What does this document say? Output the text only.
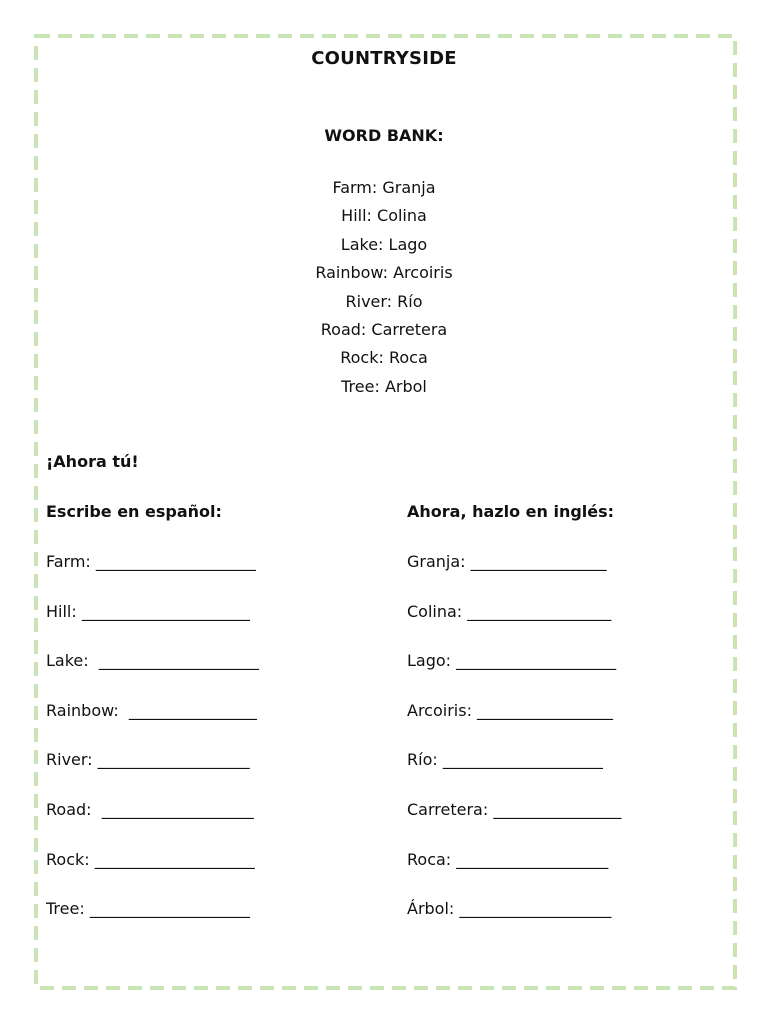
COUNTRYSIDE
WORD BANK:
Farm: Granja
Hill: Colina
Lake: Lago
Rainbow: Arcoiris
River: Río
Road: Carretera
Rock: Roca
Tree: Arbol
¡Ahora tú!
Escribe en español:	Ahora, hazlo en inglés:
Farm: ____________________
Hill: _____________________
Lake:  ____________________
Rainbow:  ________________
River: ___________________
Road:  ___________________
Rock: ____________________
Tree: ____________________
Granja: _________________
Colina: __________________
Lago: ____________________
Arcoiris: _________________
Río: ____________________
Carretera: ________________
Roca: ___________________
Árbol: ___________________
